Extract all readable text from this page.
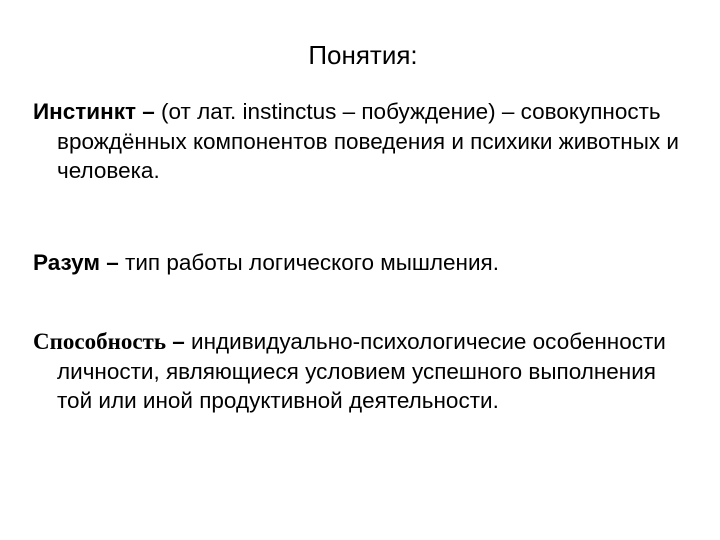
Понятия:
Инстинкт – (от лат. instinctus – побуждение) – совокупность врождённых компонентов поведения и психики животных и человека.
Разум – тип работы логического мышления.
Способность – индивидуально-психологичесие особенности личности, являющиеся условием успешного выполнения той или иной продуктивной деятельности.
